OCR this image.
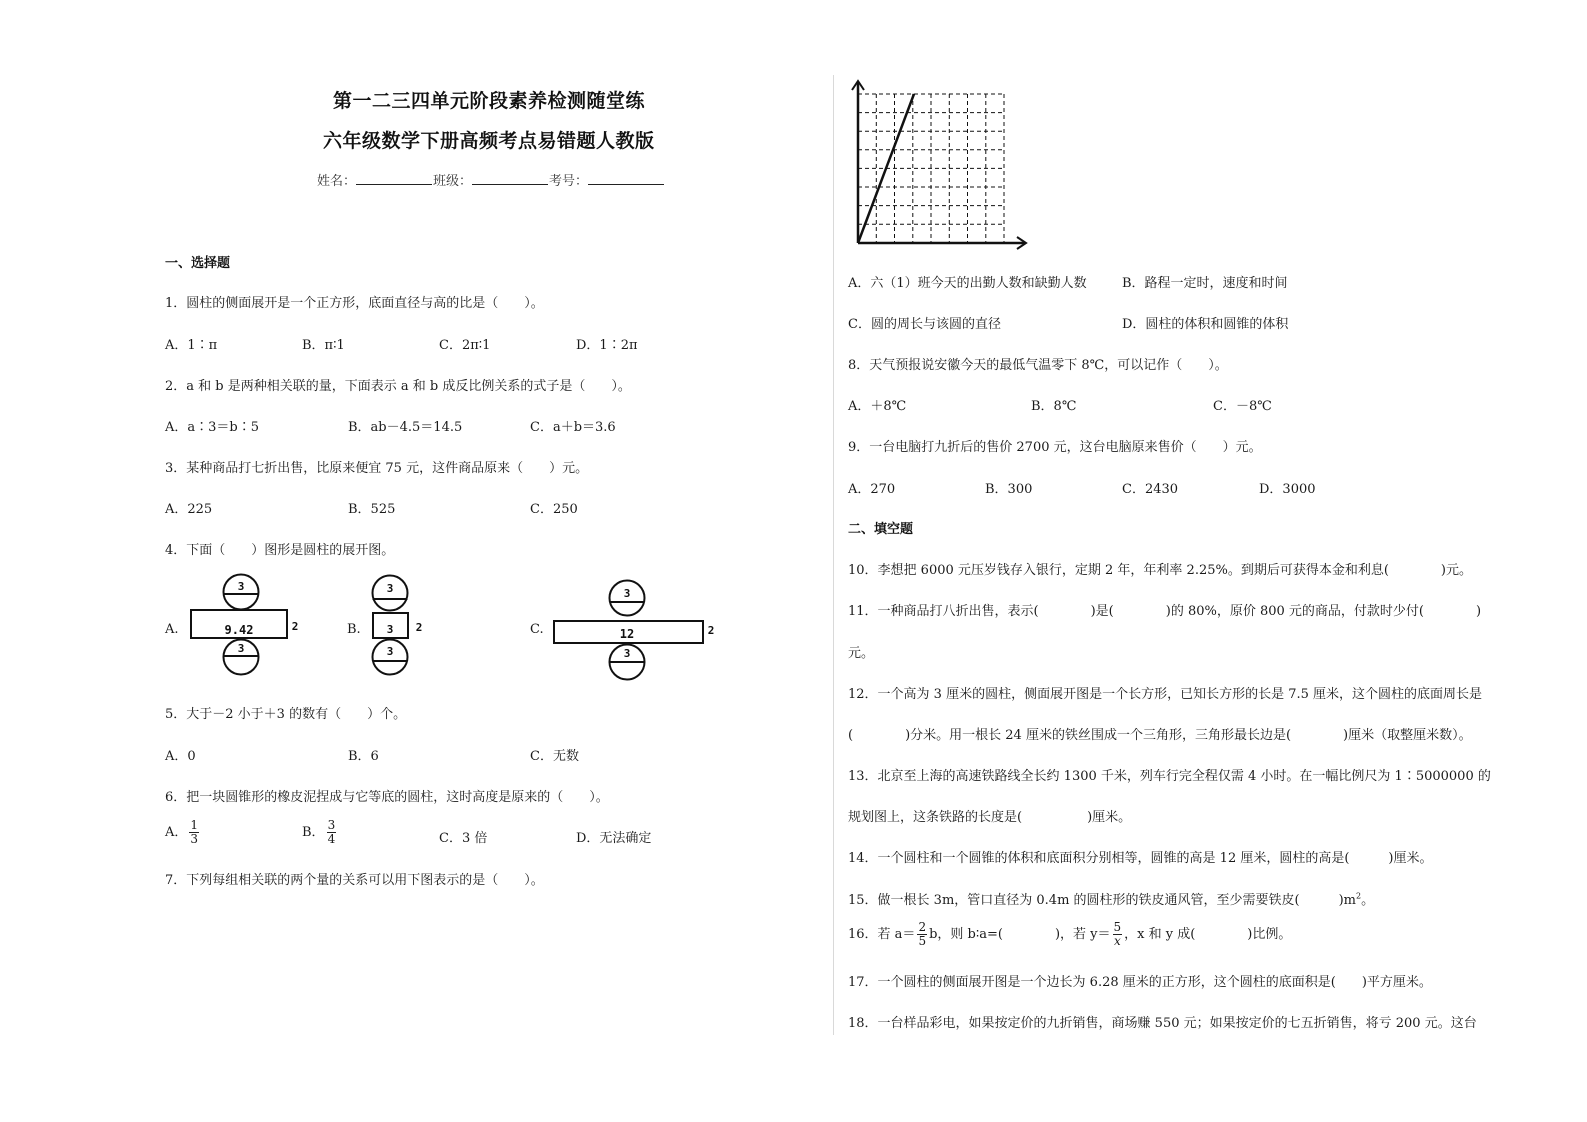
第一二三四单元阶段素养检测随堂练
六年级数学下册高频考点易错题人教版
姓名：	班级：	考号：
一、选择题
1．圆柱的侧面展开是一个正方形，底面直径与高的比是（　　）。
A．1∶π	B．π∶1	C．2π∶1	D．1∶2π
2．a 和 b 是两种相关联的量，下面表示 a 和 b 成反比例关系的式子是（　　）。
A．a∶3＝b∶5	B．ab－4.5＝14.5	C．a＋b＝3.6
3．某种商品打七折出售，比原来便宜 75 元，这件商品原来（　　）元。
A．225	B．525	C．250
4．下面（　　）图形是圆柱的展开图。
A.
3
9.42	2
3
B.
3
3 2
3
C.
3
12	2
3
5．大于－2 小于＋3 的数有（　　）个。
A．0	B．6	C．无数
6．把一块圆锥形的橡皮泥捏成与它等底的圆柱，这时高度是原来的（　　）。
A． $\frac{1}{3}$	B． $\frac{3}{4}$	C．3 倍	D．无法确定
7．下列每组相关联的两个量的关系可以用下图表示的是（　　）。
A．六（1）班今天的出勤人数和缺勤人数	B．路程一定时，速度和时间
C．圆的周长与该圆的直径	D．圆柱的体积和圆锥的体积
8．天气预报说安徽今天的最低气温零下 8℃，可以记作（　　）。
A．＋8℃	B．8℃	C．－8℃
9．一台电脑打九折后的售价 2700 元，这台电脑原来售价（　　）元。
A．270	B．300	C．2430	D．3000
二、填空题
10．李想把 6000 元压岁钱存入银行，定期 2 年，年利率 2.25%。到期后可获得本金和利息(　　　　)元。
11．一种商品打八折出售，表示(　　　　)是(　　　　)的 80%，原价 800 元的商品，付款时少付(　　　　)
元。
12．一个高为 3 厘米的圆柱，侧面展开图是一个长方形，已知长方形的长是 7.5 厘米，这个圆柱的底面周长是
(　　　　)分米。用一根长 24 厘米的铁丝围成一个三角形，三角形最长边是(　　　　)厘米（取整厘米数）。
13．北京至上海的高速铁路线全长约 1300 千米，列车行完全程仅需 4 小时。在一幅比例尺为 1∶5000000 的
规划图上，这条铁路的长度是(　　　　　)厘米。
14．一个圆柱和一个圆锥的体积和底面积分别相等，圆锥的高是 12 厘米，圆柱的高是(　　　)厘米。
15．做一根长 3m，管口直径为 0.4m 的圆柱形的铁皮通风管，至少需要铁皮(　　　)$m^2$。
16．若 $a= \frac{2}{5}$ b，则 b∶a=(　　　　)，若 $y= \frac{5}{x}$ ，x 和 y 成(　　　　)比例。
17．一个圆柱的侧面展开图是一个边长为 6.28 厘米的正方形，这个圆柱的底面积是(　　)平方厘米。
18．一台样品彩电，如果按定价的九折销售，商场赚 550 元；如果按定价的七五折销售，将亏 200 元。这台
